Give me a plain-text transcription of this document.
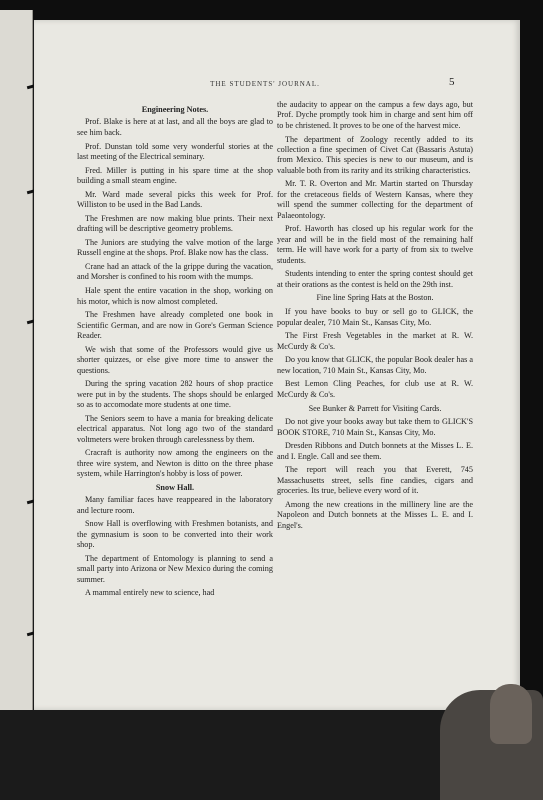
THE STUDENTS' JOURNAL.	5
Engineering Notes.

Prof. Blake is here at at last, and all the boys are glad to see him back.

Prof. Dunstan told some very wonderful stories at the last meeting of the Electrical seminary.

Fred. Miller is putting in his spare time at the shop building a small steam engine.

Mr. Ward made several picks this week for Prof. Williston to be used in the Bad Lands.

The Freshmen are now making blue prints. Their next drafting will be descriptive geometry problems.

The Juniors are studying the valve motion of the large Russell engine at the shops. Prof. Blake now has the class.

Crane had an attack of the la grippe during the vacation, and Morsher is confined to his room with the mumps.

Hale spent the entire vacation in the shop, working on his motor, which is now almost completed.

The Freshmen have already completed one book in Scientific German, and are now in Gore's German Science Reader.

We wish that some of the Professors would give us shorter quizzes, or else give more time to answer the questions.

During the spring vacation 282 hours of shop practice were put in by the students. The shops should be enlarged so as to accomodate more students at one time.

The Seniors seem to have a mania for breaking delicate electrical apparatus. Not long ago two of the standard voltmeters were broken through carelessness by them.

Cracraft is authority now among the engineers on the three wire system, and Newton is ditto on the three phase system, while Harrington's hobby is loss of power.

Snow Hall.

Many familiar faces have reappeared in the laboratory and lecture room.

Snow Hall is overflowing with Freshmen botanists, and the gymnasium is soon to be converted into their work shop.

The department of Entomology is planning to send a small party into Arizona or New Mexico during the coming summer.

A mammal entirely new to science, had

the audacity to appear on the campus a few days ago, but Prof. Dyche promptly took him in charge and sent him off to be christened. It proves to be one of the harvest mice.

The department of Zoology recently added to its collection a fine specimen of Civet Cat (Bassaris Astuta) from Mexico. This species is new to our museum, and is valuable both from its rarity and its striking characteristics.

Mr. T. R. Overton and Mr. Martin started on Thursday for the cretaceous fields of Western Kansas, where they will spend the summer collecting for the department of Palaeontology.

Prof. Haworth has closed up his regular work for the year and will be in the field most of the remaining half term. He will have work for a party of from six to twelve students.

Students intending to enter the spring contest should get at their orations as the contest is held on the 29th inst.

Fine line Spring Hats at the Boston.

If you have books to buy or sell go to GLICK, the popular dealer, 710 Main St., Kansas City, Mo.

The First Fresh Vegetables in the market at R. W. McCurdy & Co's.

Do you know that GLICK, the popular Book dealer has a new location, 710 Main St., Kansas City, Mo.

Best Lemon Cling Peaches, for club use at R. W. McCurdy & Co's.

See Bunker & Parrett for Visiting Cards.

Do not give your books away but take them to GLICK'S BOOK STORE, 710 Main St., Kansas City, Mo.

Dresden Ribbons and Dutch bonnets at the Misses L. E. and I. Engle. Call and see them.

The report will reach you that Everett, 745 Massachusetts street, sells fine candies, cigars and groceries. Its true, believe every word of it.

Among the new creations in the millinery line are the Napoleon and Dutch bonnets at the Misses L. E. and I. Engel's.
